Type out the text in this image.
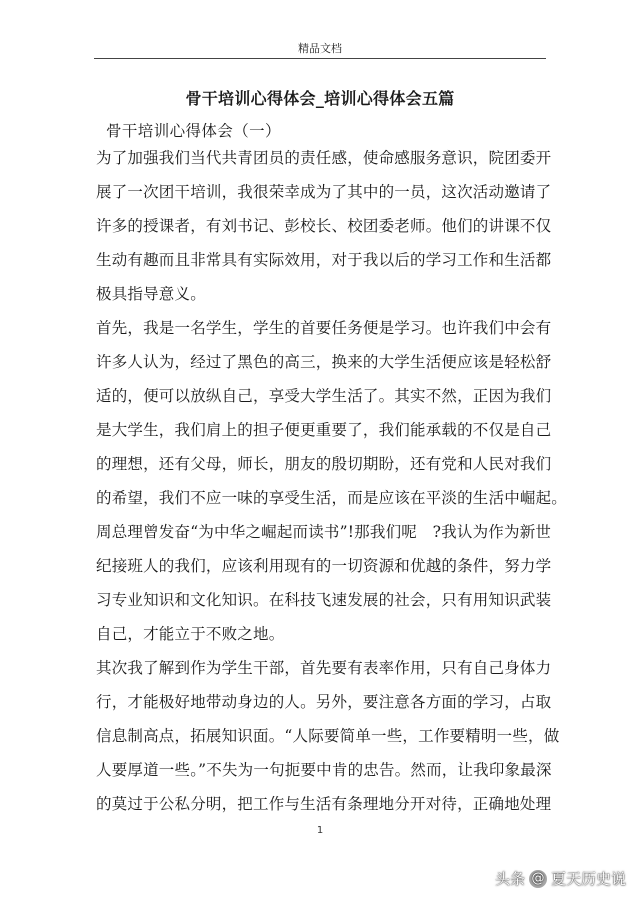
精品文档
骨干培训心得体会_培训心得体会五篇
骨干培训心得体会（一）
为了加强我们当代共青团员的责任感，使命感服务意识，院团委开
展了一次团干培训，我很荣幸成为了其中的一员，这次活动邀请了
许多的授课者，有刘书记、彭校长、校团委老师。他们的讲课不仅
生动有趣而且非常具有实际效用，对于我以后的学习工作和生活都
极具指导意义。
首先，我是一名学生，学生的首要任务便是学习。也许我们中会有
许多人认为，经过了黑色的高三，换来的大学生活便应该是轻松舒
适的，便可以放纵自己，享受大学生活了。其实不然，正因为我们
是大学生，我们肩上的担子便更重要了，我们能承载的不仅是自己
的理想，还有父母，师长，朋友的殷切期盼，还有党和人民对我们
的希望，我们不应一味的享受生活，而是应该在平淡的生活中崛起。
周总理曾发奋“为中华之崛起而读书”!那我们呢　?我认为作为新世
纪接班人的我们，应该利用现有的一切资源和优越的条件，努力学
习专业知识和文化知识。在科技飞速发展的社会，只有用知识武装
自己，才能立于不败之地。
其次我了解到作为学生干部，首先要有表率作用，只有自己身体力
行，才能极好地带动身边的人。另外，要注意各方面的学习，占取
信息制高点，拓展知识面。“人际要简单一些，工作要精明一些，做
人要厚道一些。”不失为一句扼要中肯的忠告。然而，让我印象最深
的莫过于公私分明，把工作与生活有条理地分开对待，正确地处理
1
头条 @ 夏天历史说
